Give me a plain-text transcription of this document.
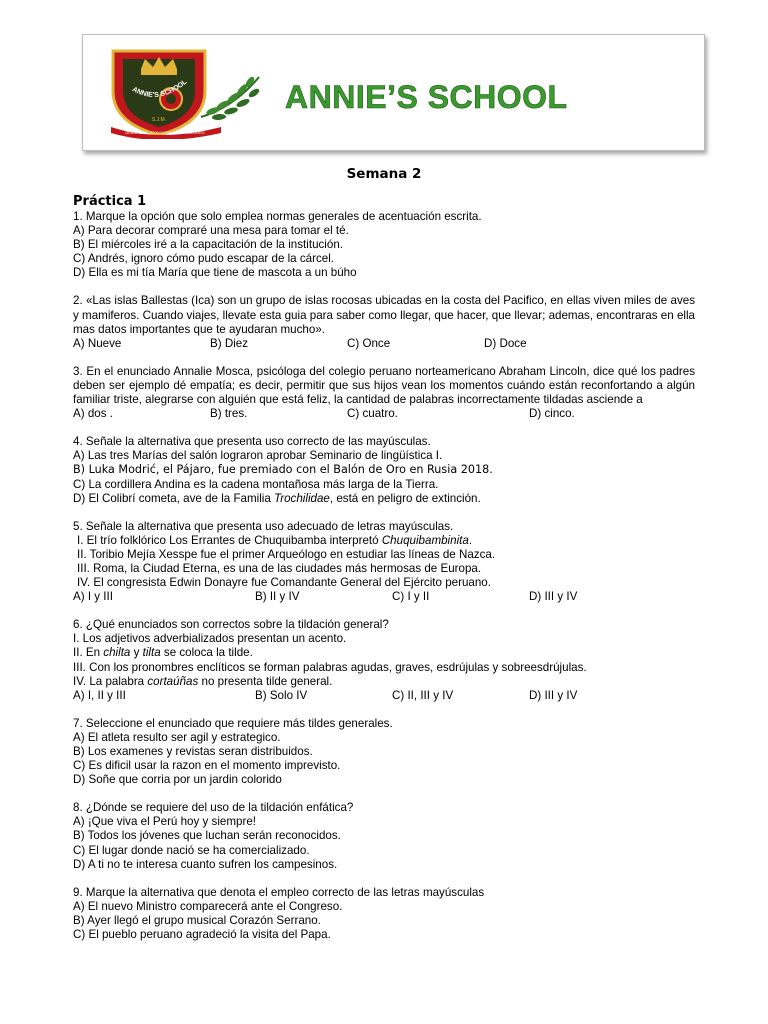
ANNIE’S SCHOOL
S.J.M.
DISCIPLINA - CONOCIMIENTO - VALORES
ANNIE’S SCHOOL
Semana 2
Práctica 1
1. Marque la opción que solo emplea normas generales de acentuación escrita.
A) Para decorar compraré una mesa para tomar el té.
B) El miércoles iré a la capacitación de la institución.
C) Andrés, ignoro cómo pudo escapar de la cárcel.
D) Ella es mi tía María que tiene de mascota a un búho
2. «Las islas Ballestas (Ica) son un grupo de islas rocosas ubicadas en la costa del Pacifico, en ellas viven miles de aves y mamiferos. Cuando viajes, llevate esta guia para saber como llegar, que hacer, que llevar; ademas, encontraras en ella mas datos importantes que te ayudaran mucho».
A) Nueve	B) Diez	C) Once	D) Doce
3. En el enunciado Annalie Mosca, psicóloga del colegio peruano norteamericano Abraham Lincoln, dice qué los padres deben ser ejemplo dé empatía; es decir, permitir que sus hijos vean los momentos cuándo están reconfortando a algún familiar triste, alegrarse con alguién que está feliz, la cantidad de palabras incorrectamente tildadas asciende a
A) dos .	B) tres.	C) cuatro.	D) cinco.
4. Señale la alternativa que presenta uso correcto de las mayúsculas.
A) Las tres Marías del salón lograron aprobar Seminario de lingüística I.
B) Luka Modrić, el Pájaro, fue premiado con el Balón de Oro en Rusia 2018.
C) La cordillera Andina es la cadena montañosa más larga de la Tierra.
D) El Colibrí cometa, ave de la Familia Trochilidae, está en peligro de extinción.
5. Señale la alternativa que presenta uso adecuado de letras mayúsculas.
I. El trío folklórico Los Errantes de Chuquibamba interpretó Chuquibambinita.
II. Toribio Mejía Xesspe fue el primer Arqueólogo en estudiar las líneas de Nazca.
III. Roma, la Ciudad Eterna, es una de las ciudades más hermosas de Europa.
IV. El congresista Edwin Donayre fue Comandante General del Ejército peruano.
A) I y III	B) II y IV	C) I y II	D) III y IV
6. ¿Qué enunciados son correctos sobre la tildación general?
I. Los adjetivos adverbializados presentan un acento.
II. En chilta y tilta se coloca la tilde.
III. Con los pronombres enclíticos se forman palabras agudas, graves, esdrújulas y sobreesdrújulas.
IV. La palabra cortaúñas no presenta tilde general.
A) I, II y III	B) Solo IV	C) II, III y IV	D) III y IV
7. Seleccione el enunciado que requiere más tildes generales.
A) El atleta resulto ser agil y estrategico.
B) Los examenes y revistas seran distribuidos.
C) Es dificil usar la razon en el momento imprevisto.
D) Soñe que corria por un jardin colorido
8. ¿Dónde se requiere del uso de la tildación enfática?
A) ¡Que viva el Perú hoy y siempre!
B) Todos los jóvenes que luchan serán reconocidos.
C) El lugar donde nació se ha comercializado.
D) A ti no te interesa cuanto sufren los campesinos.
9. Marque la alternativa que denota el empleo correcto de las letras mayúsculas
A) El nuevo Ministro comparecerá ante el Congreso.
B) Ayer llegó el grupo musical Corazón Serrano.
C) El pueblo peruano agradeció la visita del Papa.
